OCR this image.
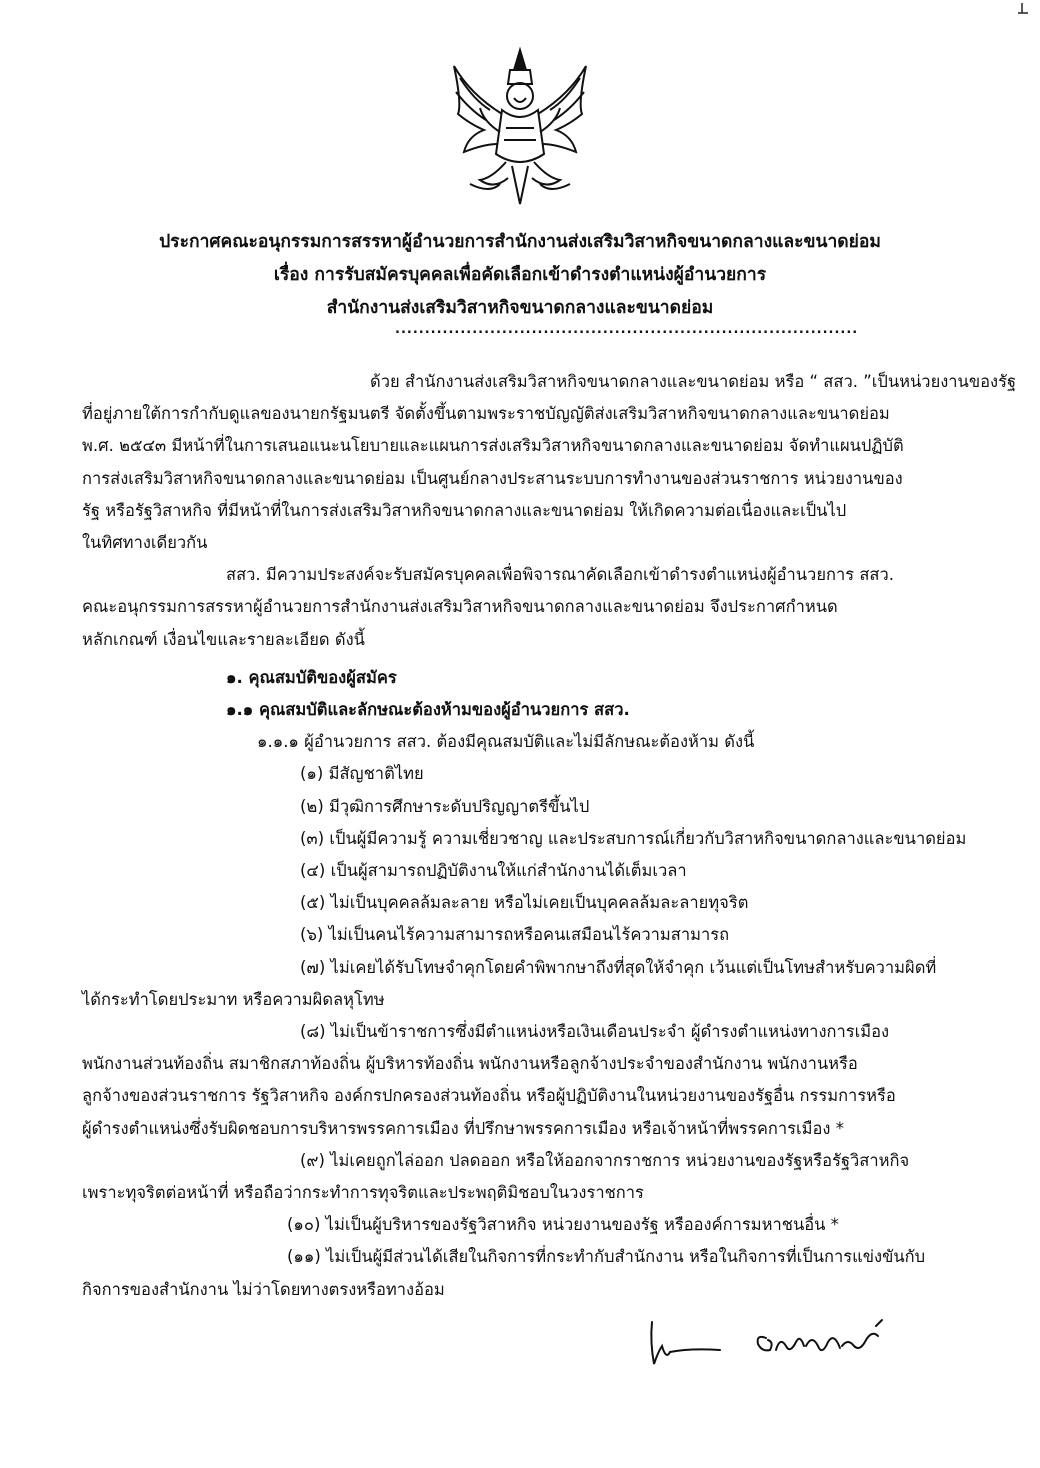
ประกาศคณะอนุกรรมการสรรหาผู้อำนวยการสำนักงานส่งเสริมวิสาหกิจขนาดกลางและขนาดย่อม
เรื่อง การรับสมัครบุคคลเพื่อคัดเลือกเข้าดำรงตำแหน่งผู้อำนวยการ
สำนักงานส่งเสริมวิสาหกิจขนาดกลางและขนาดย่อม
..............................................................................
ด้วย สำนักงานส่งเสริมวิสาหกิจขนาดกลางและขนาดย่อม หรือ “ สสว. ”เป็นหน่วยงานของรัฐ
ที่อยู่ภายใต้การกำกับดูแลของนายกรัฐมนตรี จัดตั้งขึ้นตามพระราชบัญญัติส่งเสริมวิสาหกิจขนาดกลางและขนาดย่อม
พ.ศ. ๒๕๔๓ มีหน้าที่ในการเสนอแนะนโยบายและแผนการส่งเสริมวิสาหกิจขนาดกลางและขนาดย่อม จัดทำแผนปฏิบัติ
การส่งเสริมวิสาหกิจขนาดกลางและขนาดย่อม เป็นศูนย์กลางประสานระบบการทำงานของส่วนราชการ หน่วยงานของ
รัฐ หรือรัฐวิสาหกิจ ที่มีหน้าที่ในการส่งเสริมวิสาหกิจขนาดกลางและขนาดย่อม ให้เกิดความต่อเนื่องและเป็นไป
ในทิศทางเดียวกัน
สสว. มีความประสงค์จะรับสมัครบุคคลเพื่อพิจารณาคัดเลือกเข้าดำรงตำแหน่งผู้อำนวยการ สสว.
คณะอนุกรรมการสรรหาผู้อำนวยการสำนักงานส่งเสริมวิสาหกิจขนาดกลางและขนาดย่อม จึงประกาศกำหนด
หลักเกณฑ์ เงื่อนไขและรายละเอียด ดังนี้
๑. คุณสมบัติของผู้สมัคร
๑.๑ คุณสมบัติและลักษณะต้องห้ามของผู้อำนวยการ สสว.
๑.๑.๑ ผู้อำนวยการ สสว. ต้องมีคุณสมบัติและไม่มีลักษณะต้องห้าม ดังนี้
(๑) มีสัญชาติไทย
(๒) มีวุฒิการศึกษาระดับปริญญาตรีขึ้นไป
(๓) เป็นผู้มีความรู้ ความเชี่ยวชาญ และประสบการณ์เกี่ยวกับวิสาหกิจขนาดกลางและขนาดย่อม
(๔) เป็นผู้สามารถปฏิบัติงานให้แก่สำนักงานได้เต็มเวลา
(๕) ไม่เป็นบุคคลล้มละลาย หรือไม่เคยเป็นบุคคลล้มละลายทุจริต
(๖) ไม่เป็นคนไร้ความสามารถหรือคนเสมือนไร้ความสามารถ
(๗) ไม่เคยได้รับโทษจำคุกโดยคำพิพากษาถึงที่สุดให้จำคุก เว้นแต่เป็นโทษสำหรับความผิดที่
ได้กระทำโดยประมาท หรือความผิดลหุโทษ
(๘) ไม่เป็นข้าราชการซึ่งมีตำแหน่งหรือเงินเดือนประจำ ผู้ดำรงตำแหน่งทางการเมือง
พนักงานส่วนท้องถิ่น สมาชิกสภาท้องถิ่น ผู้บริหารท้องถิ่น พนักงานหรือลูกจ้างประจำของสำนักงาน พนักงานหรือ
ลูกจ้างของส่วนราชการ รัฐวิสาหกิจ องค์กรปกครองส่วนท้องถิ่น หรือผู้ปฏิบัติงานในหน่วยงานของรัฐอื่น กรรมการหรือ
ผู้ดำรงตำแหน่งซึ่งรับผิดชอบการบริหารพรรคการเมือง ที่ปรึกษาพรรคการเมือง หรือเจ้าหน้าที่พรรคการเมือง *
(๙) ไม่เคยถูกไล่ออก ปลดออก หรือให้ออกจากราชการ หน่วยงานของรัฐหรือรัฐวิสาหกิจ
เพราะทุจริตต่อหน้าที่ หรือถือว่ากระทำการทุจริตและประพฤติมิชอบในวงราชการ
(๑๐) ไม่เป็นผู้บริหารของรัฐวิสาหกิจ หน่วยงานของรัฐ หรือองค์การมหาชนอื่น *
(๑๑) ไม่เป็นผู้มีส่วนได้เสียในกิจการที่กระทำกับสำนักงาน หรือในกิจการที่เป็นการแข่งขันกับ
กิจการของสำนักงาน ไม่ว่าโดยทางตรงหรือทางอ้อม
